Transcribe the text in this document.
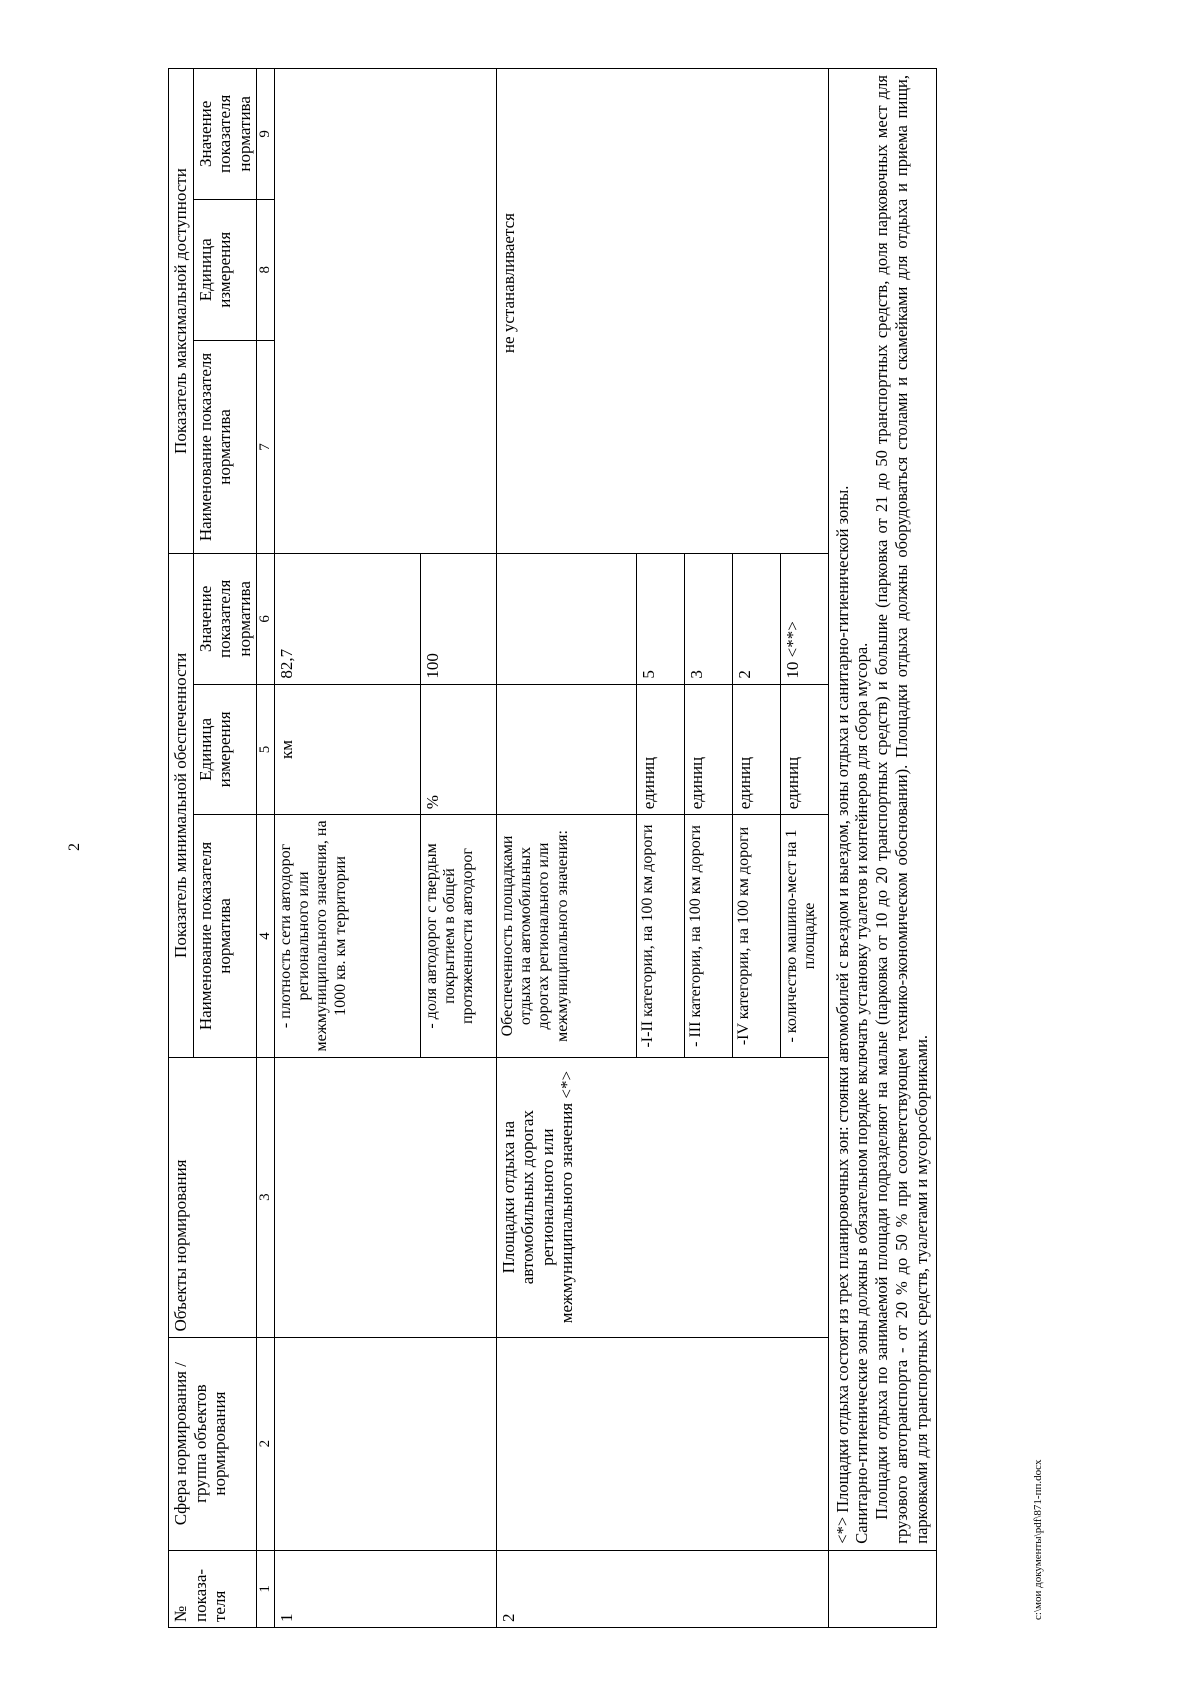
2
№ показа-теля	Сфера нормирования / группа объектов нормирования	Объекты нормирования	Показатель минимальной обеспеченности			Показатель максимальной доступности		
			Наименование показателя норматива	Единица измерения	Значение показателя норматива	Наименование показателя норматива	Единица измерения	Значение показателя норматива
1	2	3	4	5	6	7	8	9
1			- плотность сети автодорог регионального или межмуниципального значения, на 1000 кв. км территории	км	82,7			
			- доля автодорог с твердым покрытием в общей протяженности автодорог	%	100			
2		Площадки отдыха на автомобильных дорогах регионального или межмуниципального значения <*>	Обеспеченность площадками отдыха на автомобильных дорогах регионального или межмуниципального значения:			не устанавливается		
			-I-II категории, на 100 км дороги	единиц	5			
			- III категории, на 100 км дороги	единиц	3			
			-IV категории, на 100 км дороги	единиц	2			
			- количество машино-мест на 1 площадке	единиц	10 <**>			

	<*> Площадки отдыха состоят из трех планировочных зон: стоянки автомобилей с въездом и выездом, зоны отдыха и санитарно-гигиенической зоны. Санитарно-гигиенические зоны должны в обязательном порядке включать установку туалетов и контейнеров для сбора мусора. Площадки отдыха по занимаемой площади подразделяют на малые (парковка от 10 до 20 транспортных средств) и большие (парковка от 21 до 50 транспортных средств, доля парковочных мест для грузового автотранспорта - от 20 % до 50 % при соответствующем технико-экономическом обосновании). Площадки отдыха должны оборудоваться столами и скамейками для отдыха и приема пищи, парковками для транспортных средств, туалетами и мусоросборниками.								c:\мои документы\pdf\871-пп.docx
